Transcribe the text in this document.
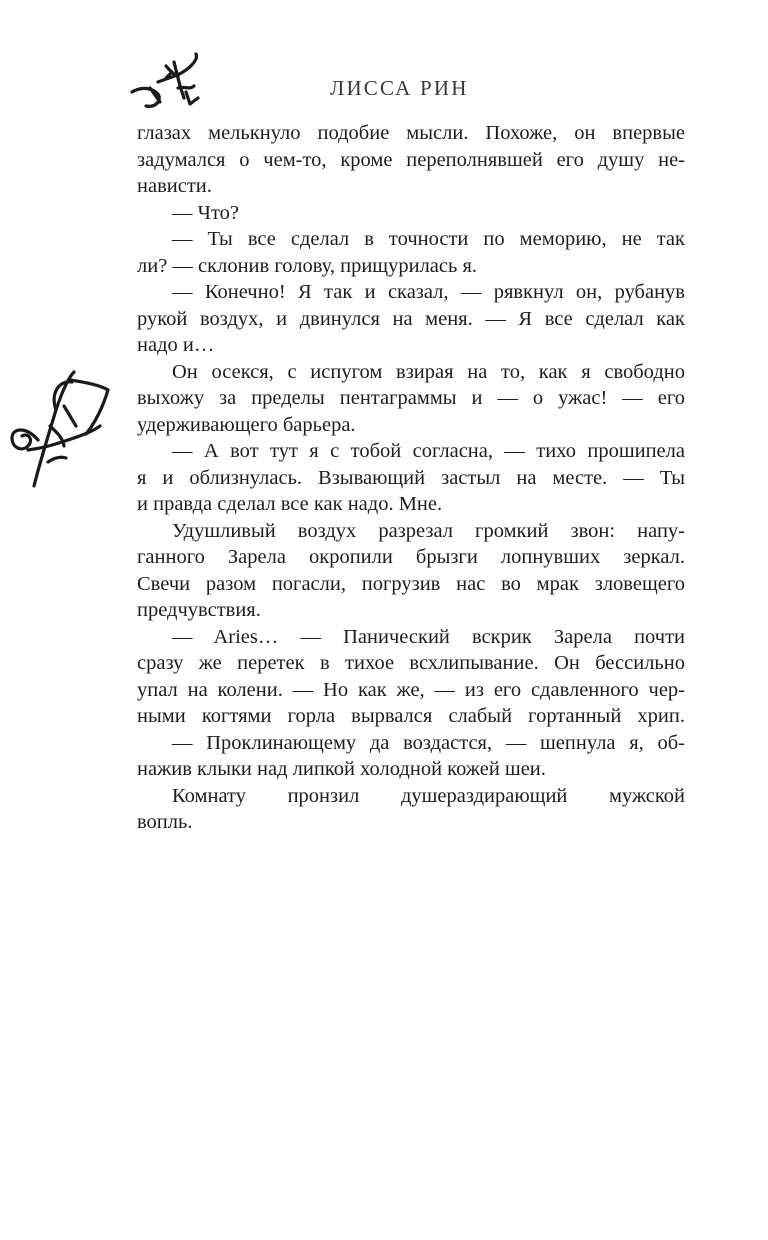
ЛИССА РИН
глазах мелькнуло подобие мысли. Похоже, он впервые
задумался о чем-то, кроме переполнявшей его душу не-
нависти.
— Что?
— Ты все сделал в точности по меморию, не так
ли? — склонив голову, прищурилась я.
— Конечно! Я так и сказал, — рявкнул он, рубанув
рукой воздух, и двинулся на меня. — Я все сделал как
надо и…
Он осекся, с испугом взирая на то, как я свободно
выхожу за пределы пентаграммы и — о ужас! — его
удерживающего барьера.
— А вот тут я с тобой согласна, — тихо прошипела
я и облизнулась. Взывающий застыл на месте. — Ты
и правда сделал все как надо. Мне.
Удушливый воздух разрезал громкий звон: напу-
ганного Зарела окропили брызги лопнувших зеркал.
Свечи разом погасли, погрузив нас во мрак зловещего
предчувствия.
— Aries… — Панический вскрик Зарела почти
сразу же перетек в тихое всхлипывание. Он бессильно
упал на колени. — Но как же, — из его сдавленного чер-
ными когтями горла вырвался слабый гортанный хрип.
— Проклинающему да воздастся, — шепнула я, об-
нажив клыки над липкой холодной кожей шеи.
Комнату пронзил душераздирающий мужской
вопль.
